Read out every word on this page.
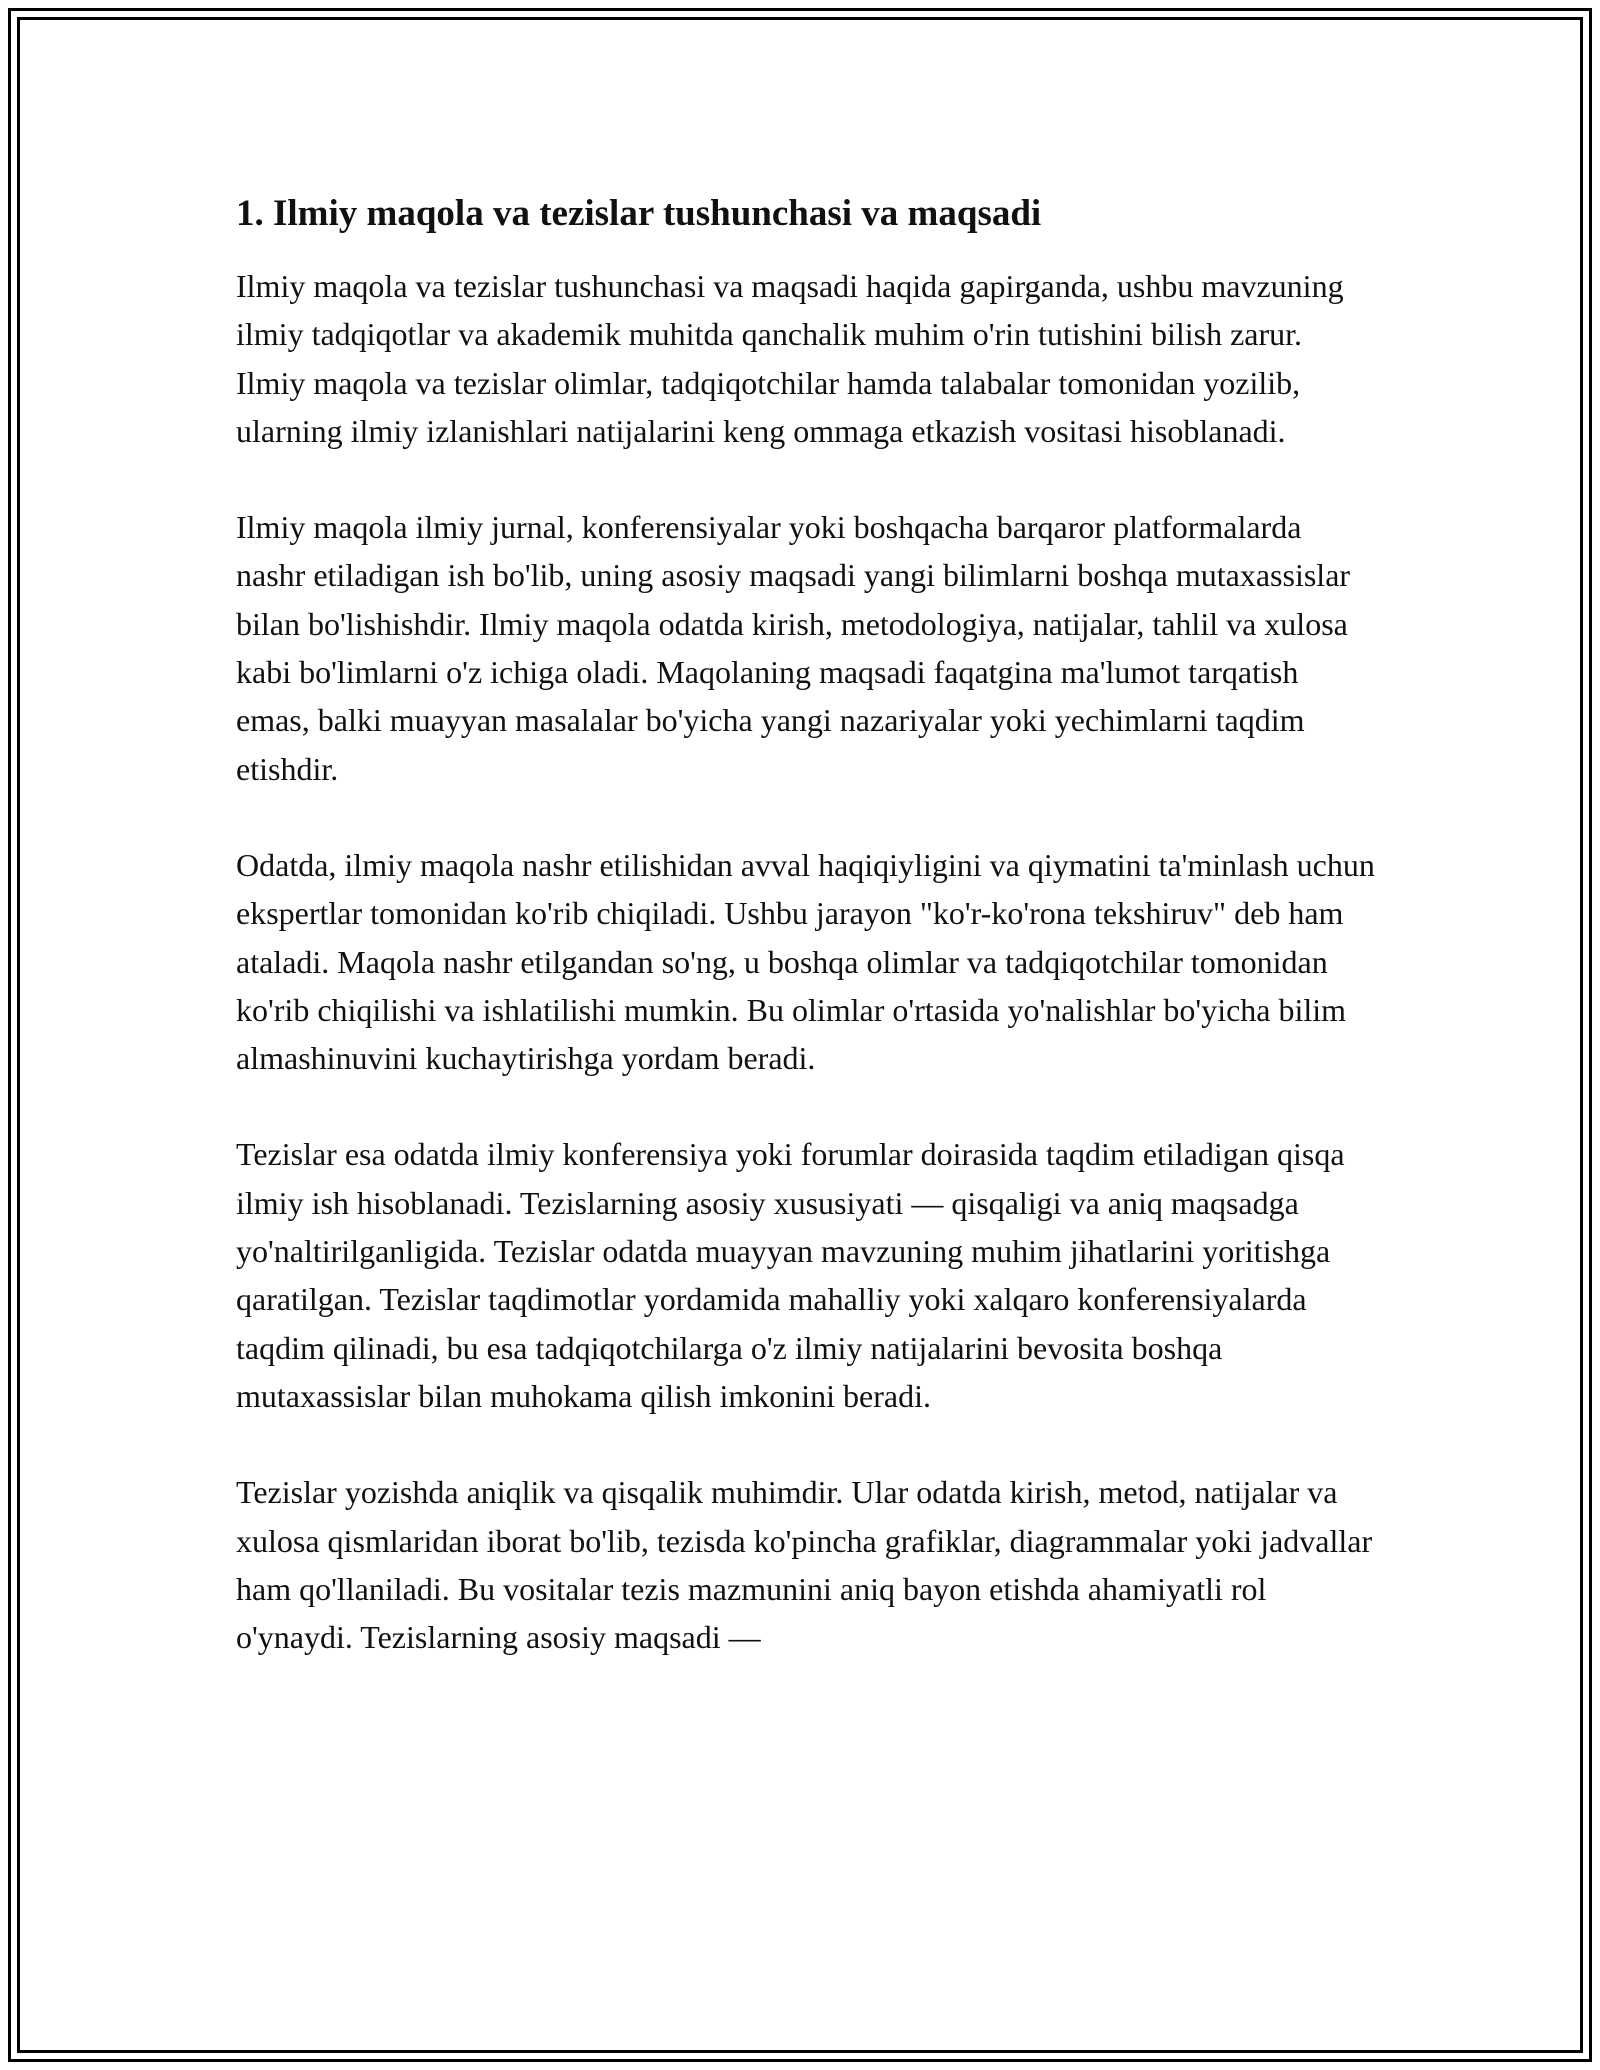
1. Ilmiy maqola va tezislar tushunchasi va maqsadi

Ilmiy maqola va tezislar tushunchasi va maqsadi haqida gapirganda, ushbu mavzuning ilmiy tadqiqotlar va akademik muhitda qanchalik muhim o'rin tutishini bilish zarur. Ilmiy maqola va tezislar olimlar, tadqiqotchilar hamda talabalar tomonidan yozilib, ularning ilmiy izlanishlari natijalarini keng ommaga etkazish vositasi hisoblanadi.

Ilmiy maqola ilmiy jurnal, konferensiyalar yoki boshqacha barqaror platformalarda nashr etiladigan ish bo'lib, uning asosiy maqsadi yangi bilimlarni boshqa mutaxassislar bilan bo'lishishdir. Ilmiy maqola odatda kirish, metodologiya, natijalar, tahlil va xulosa kabi bo'limlarni o'z ichiga oladi. Maqolaning maqsadi faqatgina ma'lumot tarqatish emas, balki muayyan masalalar bo'yicha yangi nazariyalar yoki yechimlarni taqdim etishdir.

Odatda, ilmiy maqola nashr etilishidan avval haqiqiyligini va qiymatini ta'minlash uchun ekspertlar tomonidan ko'rib chiqiladi. Ushbu jarayon "ko'r-ko'rona tekshiruv" deb ham ataladi. Maqola nashr etilgandan so'ng, u boshqa olimlar va tadqiqotchilar tomonidan ko'rib chiqilishi va ishlatilishi mumkin. Bu olimlar o'rtasida yo'nalishlar bo'yicha bilim almashinuvini kuchaytirishga yordam beradi.

Tezislar esa odatda ilmiy konferensiya yoki forumlar doirasida taqdim etiladigan qisqa ilmiy ish hisoblanadi. Tezislarning asosiy xususiyati — qisqaligi va aniq maqsadga yo'naltirilganligida. Tezislar odatda muayyan mavzuning muhim jihatlarini yoritishga qaratilgan. Tezislar taqdimotlar yordamida mahalliy yoki xalqaro konferensiyalarda taqdim qilinadi, bu esa tadqiqotchilarga o'z ilmiy natijalarini bevosita boshqa mutaxassislar bilan muhokama qilish imkonini beradi.

Tezislar yozishda aniqlik va qisqalik muhimdir. Ular odatda kirish, metod, natijalar va xulosa qismlaridan iborat bo'lib, tezisda ko'pincha grafiklar, diagrammalar yoki jadvallar ham qo'llaniladi. Bu vositalar tezis mazmunini aniq bayon etishda ahamiyatli rol o'ynaydi. Tezislarning asosiy maqsadi —
